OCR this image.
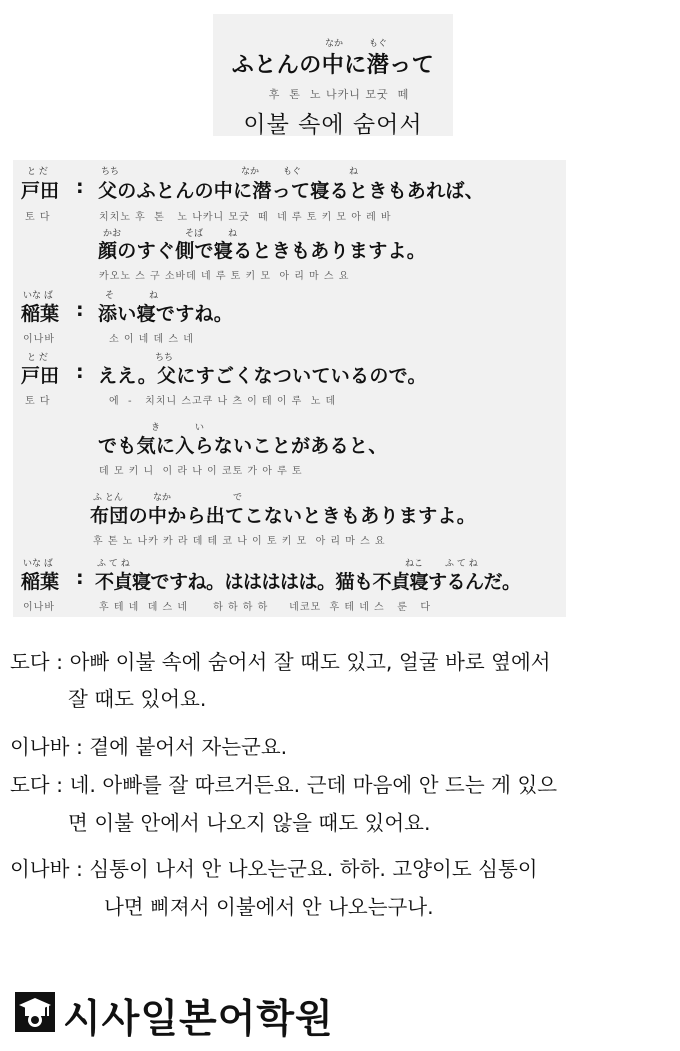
なか	もぐ
ふとんの中に潜って
후  톤  노 나카니 모굿  떼
이불 속에 숨어서
と だ
戸田 :
토 다
ちち	なか	もぐ	ね
父のふとんの中に潜って寝るときもあれば、
치치노 후  톤   노 나카니 모굿  떼  네 루 토 키 모 아 레 바
かお	そば	ね
顔のすぐ側で寝るときもありますよ。
카오노 스 구 소바데 네 루 토 키 모  아 리 마 스 요
いな ば
稲葉 :
이나바
そ	ね
添い寝ですね。
소 이 네 데 스 네
と だ
戸田 :
토 다
ちち
ええ。父にすごくなついているので。
에  -   치치니 스고쿠 나 츠 이 테 이 루  노 데
き	い
でも気に入らないことがあると、
데 모 키 니  이 라 나 이 코토 가 아 루 토
ふ とん	なか	で
布団の中から出てこないときもありますよ。
후 톤 노 나카 카 라 데 테 코 나 이 토 키 모  아 리 마 스 요
いな ば
稲葉 :
이나바
ふ て ね	ねこ ふ て ね
不貞寝ですね。ははははは。猫も不貞寝するんだ。
후 테 네  데 스 네      하 하 하 하     네코모  후 테 네 스   룬   다
도다 : 아빠 이불 속에 숨어서 잘 때도 있고, 얼굴 바로 옆에서
잘 때도 있어요.
이나바 : 곁에 붙어서 자는군요.
도다 : 네. 아빠를 잘 따르거든요. 근데 마음에 안 드는 게 있으
면 이불 안에서 나오지 않을 때도 있어요.
이나바 : 심통이 나서 안 나오는군요. 하하. 고양이도 심통이
나면 삐져서 이불에서 안 나오는구나.
시사일본어학원
